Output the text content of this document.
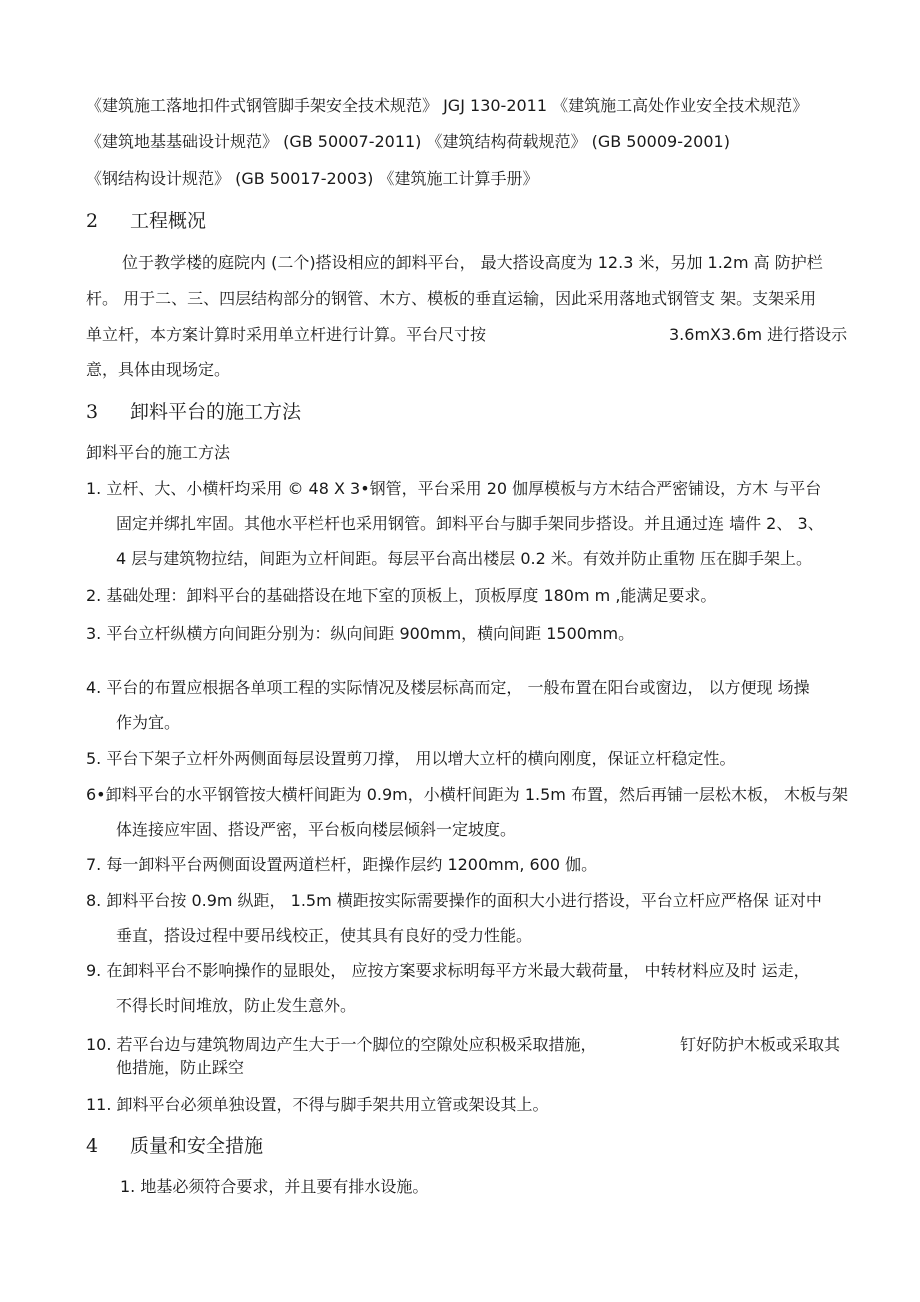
《建筑施工落地扣件式钢管脚手架安全技术规范》 JGJ 130-2011 《建筑施工高处作业安全技术规范》
《建筑地基基础设计规范》 (GB 50007-2011) 《建筑结构荷载规范》 (GB 50009-2001)
《钢结构设计规范》 (GB 50017-2003) 《建筑施工计算手册》
2 工程概况
位于教学楼的庭院内 (二个)搭设相应的卸料平台， 最大搭设高度为 12.3 米，另加 1.2m 高 防护栏
杆。 用于二、三、四层结构部分的钢管、木方、模板的垂直运输，因此采用落地式钢管支 架。支架采用
单立杆，本方案计算时采用单立杆进行计算。平台尺寸按	3.6mX3.6m 进行搭设示
意，具体由现场定。
3 卸料平台的施工方法
卸料平台的施工方法
1. 立杆、大、小横杆均采用 © 48 X 3•钢管，平台采用 20 伽厚模板与方木结合严密铺设，方木 与平台
固定并绑扎牢固。其他水平栏杆也采用钢管。卸料平台与脚手架同步搭设。并且通过连 墙件 2、 3、
4 层与建筑物拉结，间距为立杆间距。每层平台高出楼层 0.2 米。有效并防止重物 压在脚手架上。
2. 基础处理：卸料平台的基础搭设在地下室的顶板上，顶板厚度 180m m ,能满足要求。
3. 平台立杆纵横方向间距分别为：纵向间距 900mm，横向间距 1500mm。
4. 平台的布置应根据各单项工程的实际情况及楼层标高而定， 一般布置在阳台或窗边， 以方便现 场操
作为宜。
5. 平台下架子立杆外两侧面每层设置剪刀撑， 用以增大立杆的横向刚度，保证立杆稳定性。
6•卸料平台的水平钢管按大横杆间距为 0.9m，小横杆间距为 1.5m 布置，然后再铺一层松木板， 木板与架
体连接应牢固、搭设严密，平台板向楼层倾斜一定坡度。
7. 每一卸料平台两侧面设置两道栏杆，距操作层约 1200mm, 600 伽。
8. 卸料平台按 0.9m 纵距， 1.5m 横距按实际需要操作的面积大小进行搭设，平台立杆应严格保 证对中
垂直，搭设过程中要吊线校正，使其具有良好的受力性能。
9. 在卸料平台不影响操作的显眼处， 应按方案要求标明每平方米最大载荷量， 中转材料应及时 运走，
不得长时间堆放，防止发生意外。
10. 若平台边与建筑物周边产生大于一个脚位的空隙处应积极采取措施，	钉好防护木板或采取其
他措施，防止踩空
11. 卸料平台必须单独设置，不得与脚手架共用立管或架设其上。
4 质量和安全措施
1. 地基必须符合要求，并且要有排水设施。
